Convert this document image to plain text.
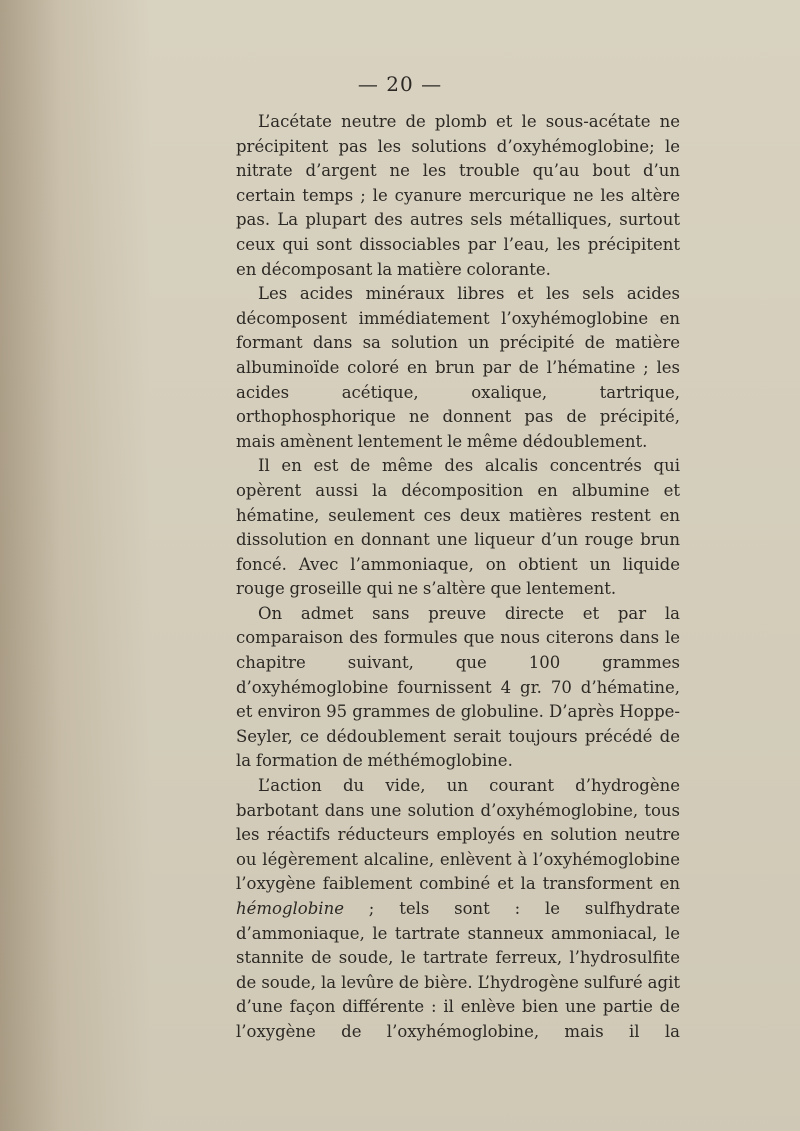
— 20 —

L’acétate neutre de plomb et le sous-acétate ne précipitent pas les solutions d’oxyhémoglobine; le nitrate d’argent ne les trouble qu’au bout d’un certain temps ; le cyanure mercurique ne les altère pas. La plupart des autres sels métalliques, surtout ceux qui sont dissociables par l’eau, les précipitent en décomposant la matière colorante.

Les acides minéraux libres et les sels acides décomposent immédiatement l’oxyhémoglobine en formant dans sa solution un précipité de matière albuminoïde coloré en brun par de l’hématine ; les acides acétique, oxalique, tartrique, orthophosphorique ne donnent pas de précipité, mais amènent lentement le même dédoublement.

Il en est de même des alcalis concentrés qui opèrent aussi la décomposition en albumine et hématine, seulement ces deux matières restent en dissolution en donnant une liqueur d’un rouge brun foncé. Avec l’ammoniaque, on obtient un liquide rouge groseille qui ne s’altère que lentement.

On admet sans preuve directe et par la comparaison des formules que nous citerons dans le chapitre suivant, que 100 grammes d’oxyhémoglobine fournissent 4 gr. 70 d’hématine, et environ 95 grammes de globuline. D’après Hoppe-Seyler, ce dédoublement serait toujours précédé de la formation de méthémoglobine.

L’action du vide, un courant d’hydrogène barbotant dans une solution d’oxyhémoglobine, tous les réactifs réducteurs employés en solution neutre ou légèrement alcaline, enlèvent à l’oxyhémoglobine l’oxygène faiblement combiné et la transforment en hémoglobine ; tels sont : le sulfhydrate d’ammoniaque, le tartrate stanneux ammoniacal, le stannite de soude, le tartrate ferreux, l’hydrosulfite de soude, la levûre de bière. L’hydrogène sulfuré agit d’une façon différente : il enlève bien une partie de l’oxygène de l’oxyhémoglobine, mais il la
